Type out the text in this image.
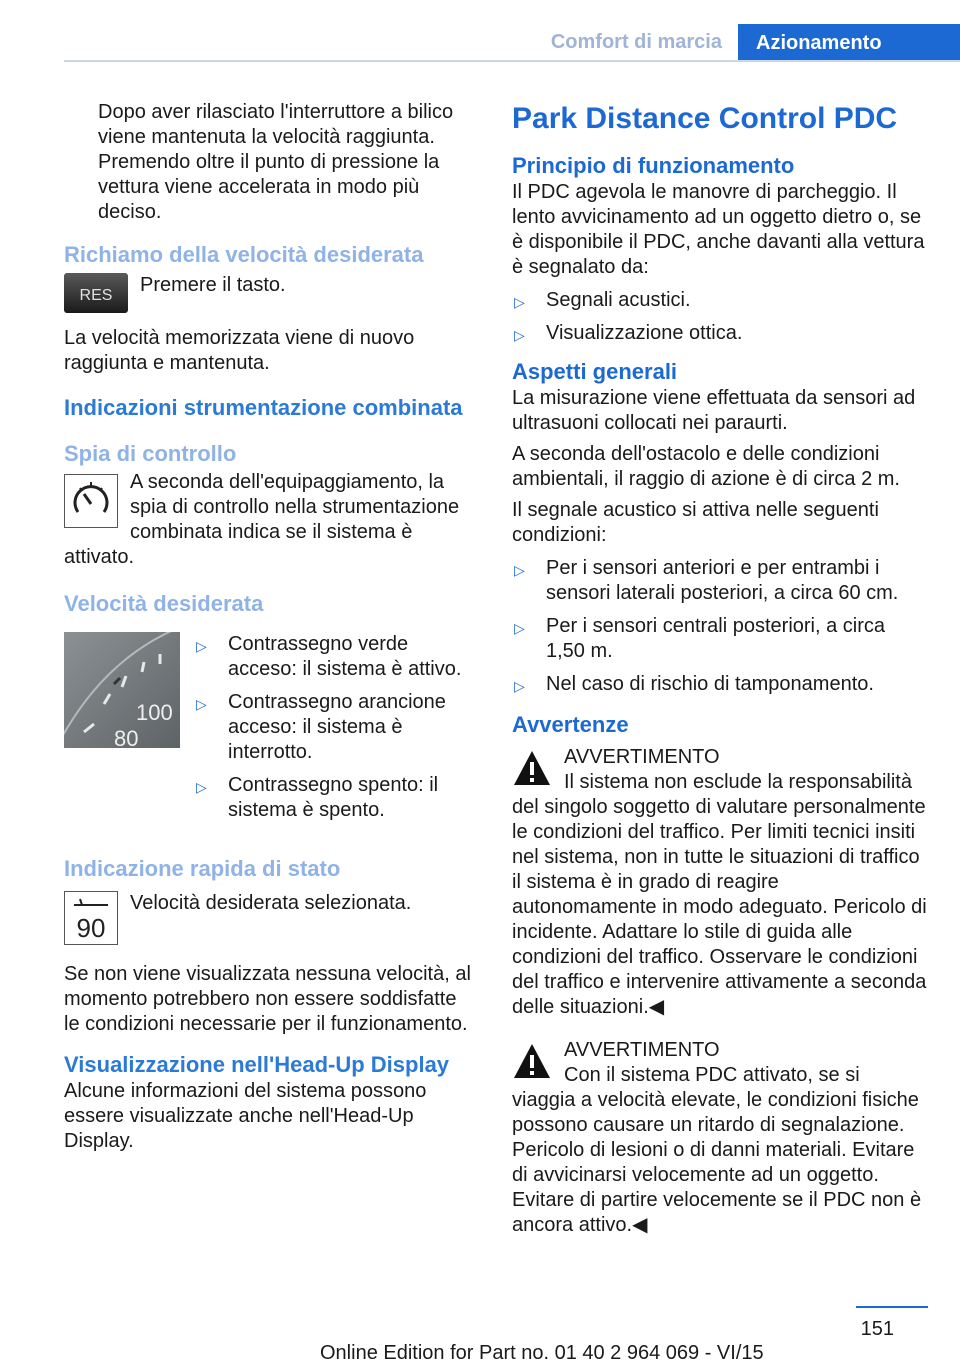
Comfort di marcia	Azionamento

Dopo aver rilasciato l'interruttore a bilico viene mantenuta la velocità raggiunta. Premendo oltre il punto di pressione la vettura viene accelerata in modo più deciso.

Richiamo della velocità desiderata
RES	Premere il tasto.

La velocità memorizzata viene di nuovo raggiunta e mantenuta.

Indicazioni strumentazione combinata
Spia di controllo

A seconda dell'equipaggiamento, la spia di controllo nella strumentazione combinata indica se il sistema è attivato.

Velocità desiderata
100
80
▷ Contrassegno verde acceso: il sistema è attivo.
▷ Contrassegno arancione acceso: il sistema è interrotto.
▷ Contrassegno spento: il sistema è spento.
Indicazione rapida di stato
90

Velocità desiderata selezionata.

Se non viene visualizzata nessuna velocità, al momento potrebbero non essere soddisfatte le condizioni necessarie per il funzionamento.

Visualizzazione nell'Head-Up Display

Alcune informazioni del sistema possono essere visualizzate anche nell'Head-Up Display.

Park Distance Control PDC
Principio di funzionamento

Il PDC agevola le manovre di parcheggio. Il lento avvicinamento ad un oggetto dietro o, se è disponibile il PDC, anche davanti alla vettura è segnalato da:

▷ Segnali acustici.
▷ Visualizzazione ottica.
Aspetti generali

La misurazione viene effettuata da sensori ad ultrasuoni collocati nei paraurti.

A seconda dell'ostacolo e delle condizioni ambientali, il raggio di azione è di circa 2 m.

Il segnale acustico si attiva nelle seguenti condizioni:

▷ Per i sensori anteriori e per entrambi i sensori laterali posteriori, a circa 60 cm.
▷ Per i sensori centrali posteriori, a circa 1,50 m.
▷ Nel caso di rischio di tamponamento.
Avvertenze

AVVERTIMENTO

Il sistema non esclude la responsabilità del singolo soggetto di valutare personalmente le condizioni del traffico. Per limiti tecnici insiti nel sistema, non in tutte le situazioni di traffico il sistema è in grado di reagire autonomamente in modo adeguato. Pericolo di incidente. Adattare lo stile di guida alle condizioni del traffico. Osservare le condizioni del traffico e intervenire attivamente a seconda delle situazioni.◀

AVVERTIMENTO

Con il sistema PDC attivato, se si viaggia a velocità elevate, le condizioni fisiche possono causare un ritardo di segnalazione. Pericolo di lesioni o di danni materiali. Evitare di avvicinarsi velocemente ad un oggetto. Evitare di partire velocemente se il PDC non è ancora attivo.◀

151
Online Edition for Part no. 01 40 2 964 069 - VI/15
